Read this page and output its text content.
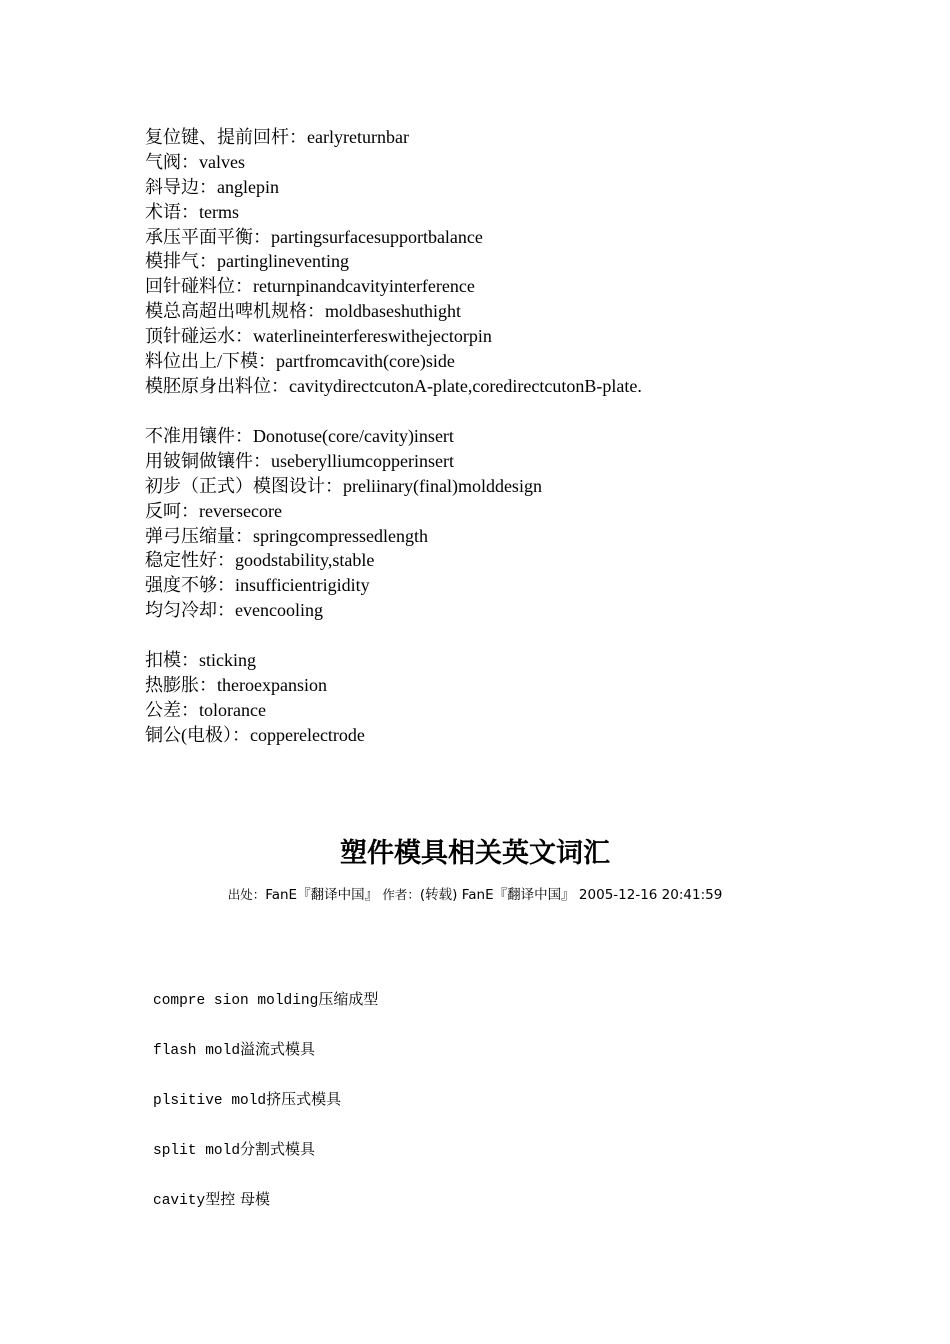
复位键、提前回杆：earlyreturnbar
气阀：valves
斜导边：anglepin
术语：terms
承压平面平衡：partingsurfacesupportbalance
模排气：partinglineventing
回针碰料位：returnpinandcavityinterference
模总高超出啤机规格：moldbaseshuthight
顶针碰运水：waterlineinterfereswithejectorpin
料位出上/下模：partfromcavith(core)side
模胚原身出料位：cavitydirectcutonA-plate,coredirectcutonB-plate.
不准用镶件：Donotuse(core/cavity)insert
用铍铜做镶件：useberylliumcopperinsert
初步（正式）模图设计：preliinary(final)molddesign
反呵：reversecore
弹弓压缩量：springcompressedlength
稳定性好：goodstability,stable
强度不够：insufficientrigidity
均匀冷却：evencooling
扣模：sticking
热膨胀：theroexpansion
公差：tolorance
铜公(电极）：copperelectrode
塑件模具相关英文词汇
出处：FanE『翻译中国』 作者：(转载) FanE『翻译中国』 2005-12-16 20:41:59
compre sion molding压缩成型
flash mold溢流式模具
plsitive mold挤压式模具
split mold分割式模具
cavity型控 母模
